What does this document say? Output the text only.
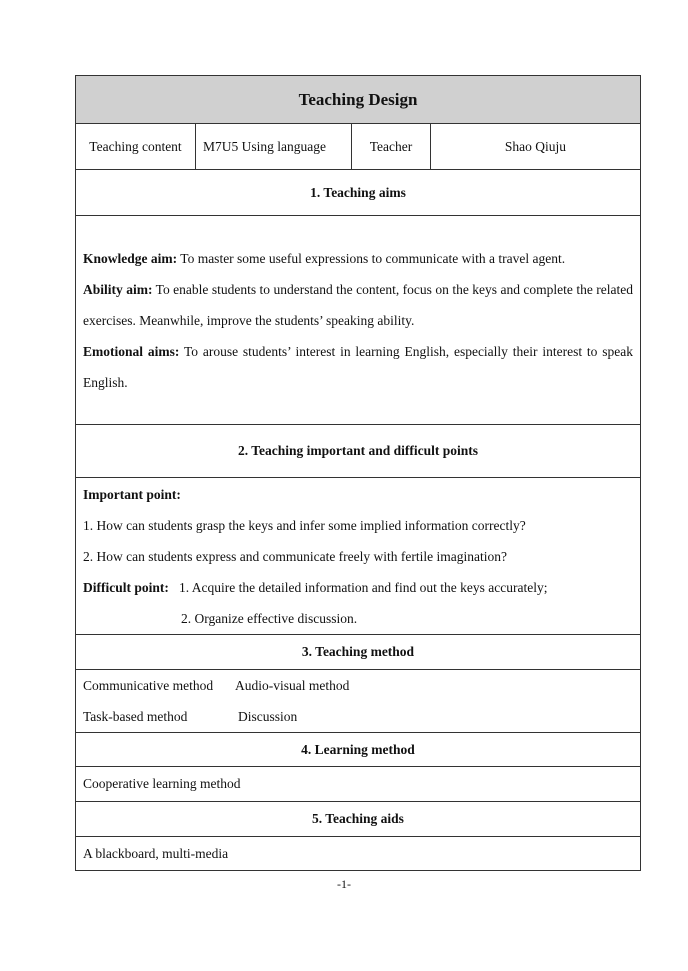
Teaching Design
Teaching content	M7U5 Using language	Teacher	Shao Qiuju
1. Teaching aims

Knowledge aim: To master some useful expressions to communicate with a travel agent.

Ability aim: To enable students to understand the content, focus on the keys and complete the related exercises. Meanwhile, improve the students’ speaking ability.

Emotional aims: To arouse students’ interest in learning English, especially their interest to speak English.

2. Teaching important and difficult points

Important point:

1. How can students grasp the keys and infer some implied information correctly?

2. How can students express and communicate freely with fertile imagination?

Difficult point: 1. Acquire the detailed information and find out the keys accurately;

2. Organize effective discussion.

3. Teaching method

Communicative method Audio-visual method

Task-based method	Discussion

4. Learning method
Cooperative learning method
5. Teaching aids
A blackboard, multi-media
-1-
